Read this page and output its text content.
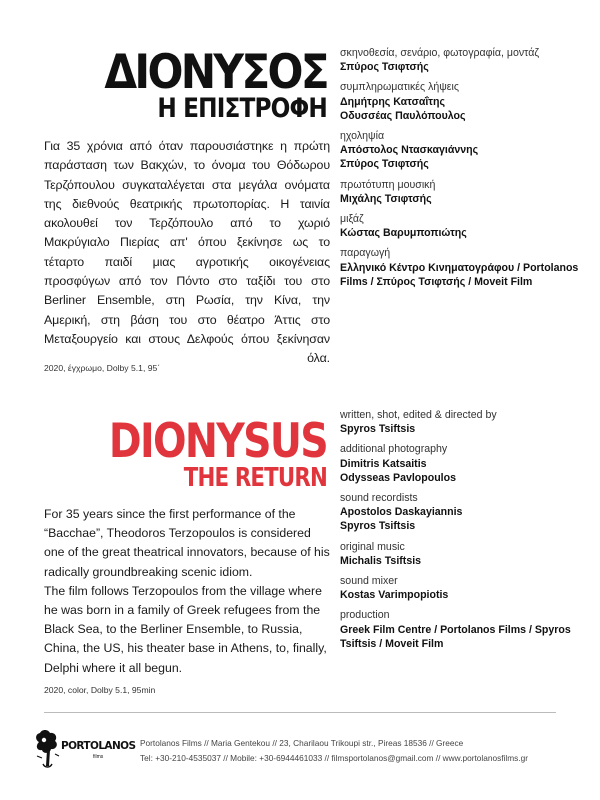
ΔΙΟΝΥΣΟΣ
Η ΕΠΙΣΤΡΟΦΗ

Για 35 χρόνια από όταν παρουσιάστηκε η πρώτη παράσταση των Βακχών, το όνομα του Θόδωρου Τερζόπουλου συγκαταλέγεται στα μεγάλα ονόματα της διεθνούς θεατρικής πρωτοπορίας. Η ταινία ακολουθεί τον Τερζόπουλο από το χωριό Μακρύγιαλο Πιερίας απ' όπου ξεκίνησε ως το τέταρτο παιδί μιας αγροτικής οικογένειας προσφύγων από τον Πόντο στο ταξίδι του στο Berliner Ensemble, στη Ρωσία, την Κίνα, την Αμερική, στη βάση του στο θέατρο Άττις στο Μεταξουργείο και στους Δελφούς όπου ξεκίνησαν όλα.

2020, έγχρωμο, Dolby 5.1, 95΄
σκηνοθεσία, σενάριο, φωτογραφία, μοντάζ
Σπύρος Τσιφτσής
συμπληρωματικές λήψεις
Δημήτρης Κατσαΐτης
Οδυσσέας Παυλόπουλος
ηχοληψία
Απόστολος Ντασκαγιάννης
Σπύρος Τσιφτσής
πρωτότυπη μουσική
Μιχάλης Τσιφτσής
μιξάζ
Κώστας Βαρυμποπιώτης
παραγωγή
Ελληνικό Κέντρο Κινηματογράφου / Portolanos Films / Σπύρος Τσιφτσής / Moveit Film
DIONYSUS
THE RETURN
For 35 years since the first performance of the “Bacchae”, Theodoros Terzopoulos is considered one of the great theatrical innovators, because of his radically groundbreaking scenic idiom.
The film follows Terzopoulos from the village where he was born in a family of Greek refugees from the Black Sea, to the Berliner Ensemble, to Russia, China, the US, his theater base in Athens, to, finally, Delphi where it all begun.
2020, color, Dolby 5.1, 95min
written, shot, edited & directed by
Spyros Tsiftsis
additional photography
Dimitris Katsaitis
Odysseas Pavlopoulos
sound recordists
Apostolos Daskayiannis
Spyros Tsiftsis
original music
Michalis Tsiftsis
sound mixer
Kostas Varimpopiotis
production
Greek Film Centre / Portolanos Films / Spyros Tsiftsis / Moveit Film
PORTOLANOS
films
Portolanos Films // Maria Gentekou // 23, Charilaou Trikoupi str., Pireas 18536 // Greece
Tel: +30-210-4535037 // Mobile: +30-6944461033 // filmsportolanos@gmail.com // www.portolanosfilms.gr
